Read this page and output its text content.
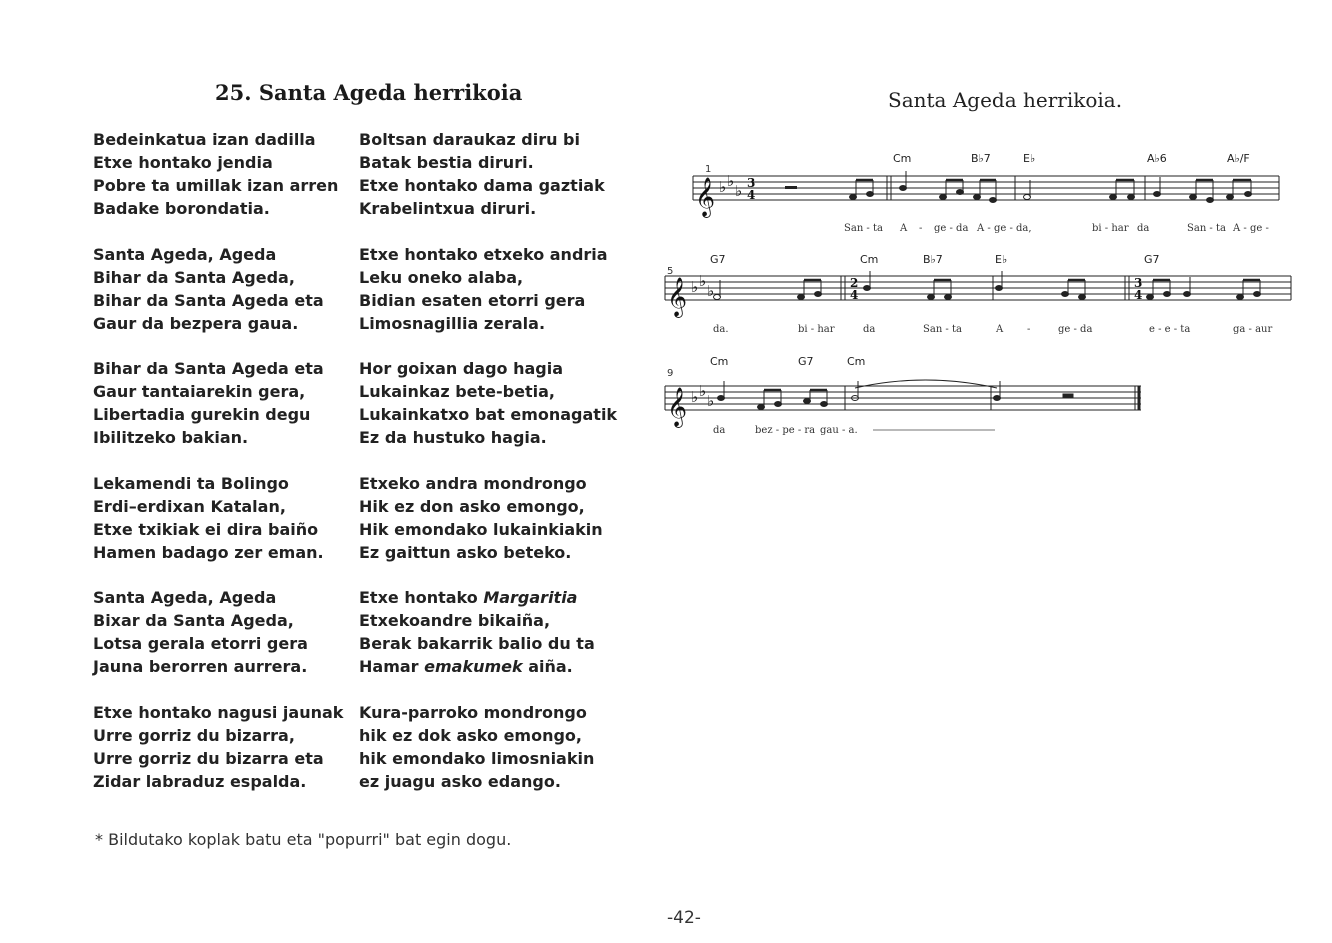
25. Santa Ageda herrikoia
Bedeinkatua izan dadilla
Etxe hontako jendia
Pobre ta umillak izan arren
Badake borondatia.
Santa Ageda, Ageda
Bihar da Santa Ageda,
Bihar da Santa Ageda eta
Gaur da bezpera gaua.
Bihar da Santa Ageda eta
Gaur tantaiarekin gera,
Libertadia gurekin degu
Ibilitzeko bakian.
Lekamendi ta Bolingo
Erdi–erdixan Katalan,
Etxe txikiak ei dira baiño
Hamen badago zer eman.
Santa Ageda, Ageda
Bixar da Santa Ageda,
Lotsa gerala etorri gera
Jauna berorren aurrera.
Etxe hontako nagusi jaunak
Urre gorriz du bizarra,
Urre gorriz du bizarra eta
Zidar labraduz espalda.
Boltsan daraukaz diru bi
Batak bestia diruri.
Etxe hontako dama gaztiak
Krabelintxua diruri.
Etxe hontako etxeko andria
Leku oneko alaba,
Bidian esaten etorri gera
Limosnagillia zerala.
Hor goixan dago hagia
Lukainkaz bete-betia,
Lukainkatxo bat emonagatik
Ez da hustuko hagia.
Etxeko andra mondrongo
Hik ez don asko emongo,
Hik emondako lukainkiakin
Ez gaittun asko beteko.
Etxe hontako Margaritia
Etxekoandre bikaiña,
Berak bakarrik balio du ta
Hamar emakumek aiña.
Kura-parroko mondrongo
hik ez dok asko emongo,
hik emondako limosniakin
ez juagu asko edango.
* Bildutako koplak batu eta "popurri" bat egin dogu.
-42-
Santa Ageda herrikoia.
1
𝄞 ♭ ♭
♭ 3
4
Cm	B♭7	E♭	A♭6	A♭/F
San - ta A - ge - da A - ge - da,	bi - har da	San - ta A - ge -
5
𝄞 ♭ ♭
♭	2
4
3
4
G7	Cm	B♭7	E♭	G7
da.	bi - har	da	San - ta	A -	ge - da	e - e - ta	ga - aur
9
𝄞 ♭ ♭
♭
Cm	G7	Cm
da	bez - pe - ra gau - a.
